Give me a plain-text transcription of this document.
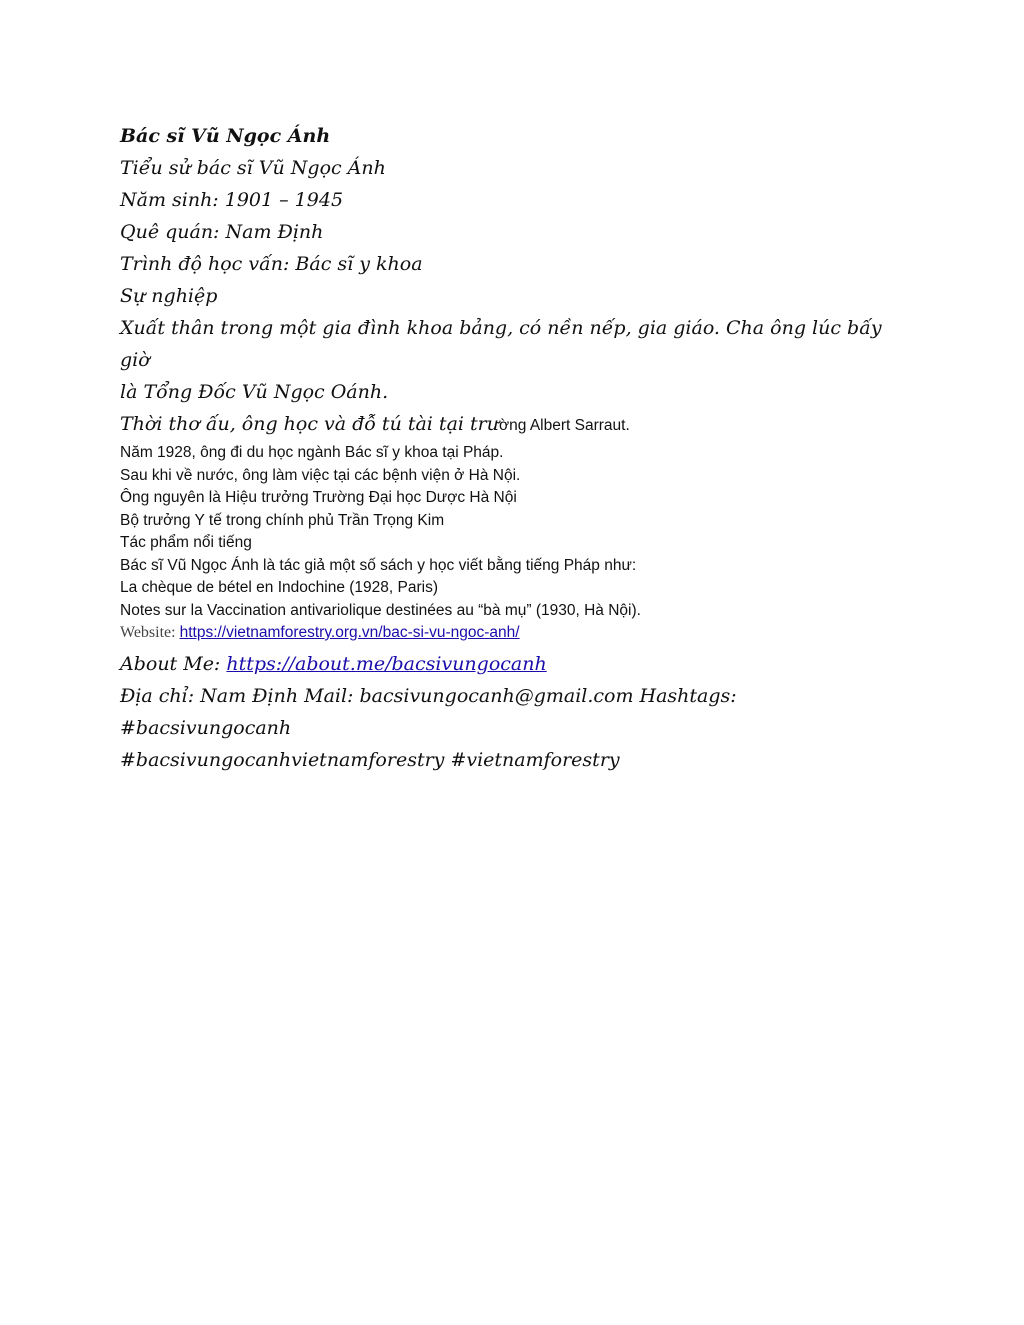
Bác sĩ Vũ Ngọc Ánh
Tiểu sử bác sĩ Vũ Ngọc Ánh
Năm sinh: 1901 – 1945
Quê quán: Nam Định
Trình độ học vấn: Bác sĩ y khoa
Sự nghiệp
Xuất thân trong một gia đình khoa bảng, có nền nếp, gia giáo. Cha ông lúc bấy giờ
là Tổng Đốc Vũ Ngọc Oánh.
Thời thơ ấu, ông học và đỗ tú tài tại trường Albert Sarraut.
Năm 1928, ông đi du học ngành Bác sĩ y khoa tại Pháp.
Sau khi về nước, ông làm việc tại các bệnh viện ở Hà Nội.
Ông nguyên là Hiệu trưởng Trường Đại học Dược Hà Nội
Bộ trưởng Y tế trong chính phủ Trần Trọng Kim
Tác phẩm nổi tiếng
Bác sĩ Vũ Ngọc Ánh là tác giả một số sách y học viết bằng tiếng Pháp như:
La chèque de bétel en Indochine (1928, Paris)
Notes sur la Vaccination antivariolique destinées au “bà mụ” (1930, Hà Nội).
Website: https://vietnamforestry.org.vn/bac-si-vu-ngoc-anh/
About Me: https://about.me/bacsivungocanh
Địa chỉ: Nam Định Mail: bacsivungocanh@gmail.com Hashtags: #bacsivungocanh
#bacsivungocanhvietnamforestry #vietnamforestry
